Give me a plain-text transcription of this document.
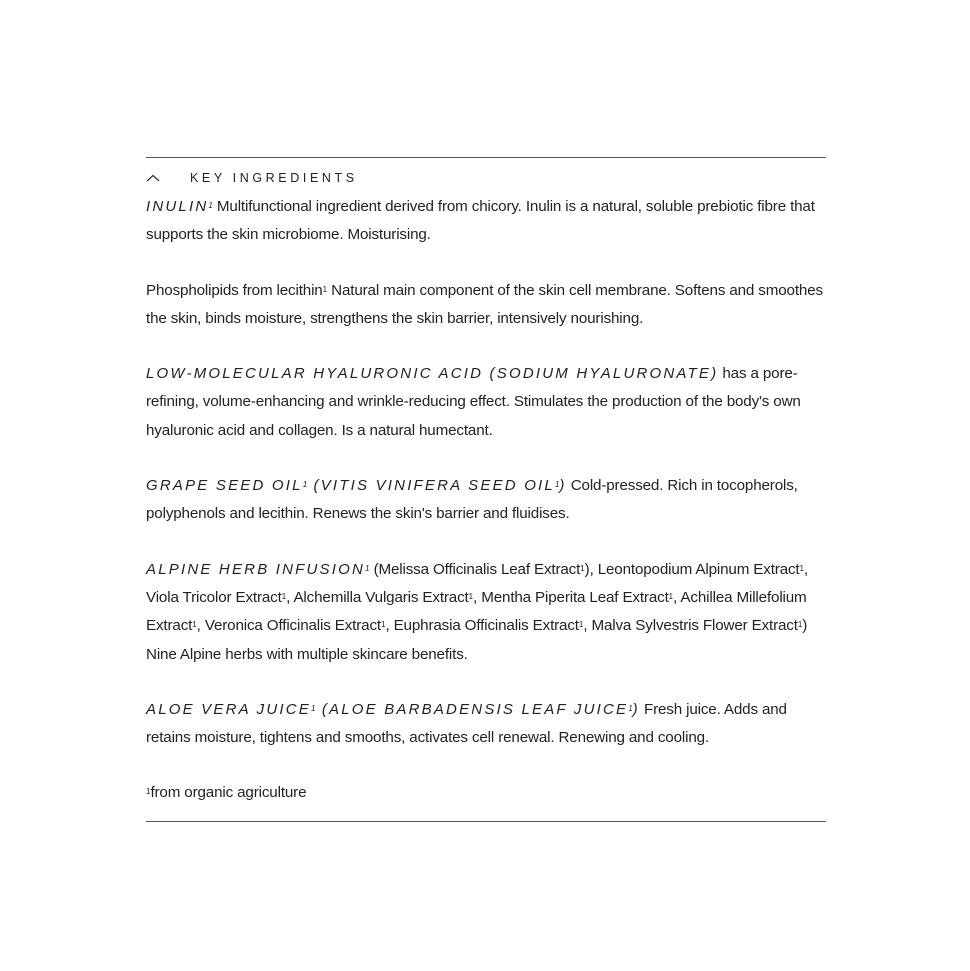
KEY INGREDIENTS

INULIN$^1$ Multifunctional ingredient derived from chicory. Inulin is a natural, soluble prebiotic fibre that supports the skin microbiome. Moisturising.

Phospholipids from lecithin$^1$ Natural main component of the skin cell membrane. Softens and smoothes the skin, binds moisture, strengthens the skin barrier, intensively nourishing.

LOW-MOLECULAR HYALURONIC ACID (SODIUM HYALURONATE) has a pore-refining, volume-enhancing and wrinkle-reducing effect. Stimulates the production of the body's own hyaluronic acid and collagen. Is a natural humectant.

GRAPE SEED OIL$^1$ (VITIS VINIFERA SEED OIL$^1$) Cold-pressed. Rich in tocopherols, polyphenols and lecithin. Renews the skin's barrier and fluidises.

ALPINE HERB INFUSION$^1$ (Melissa Officinalis Leaf Extract$^1$), Leontopodium Alpinum Extract$^1$, Viola Tricolor Extract$^1$, Alchemilla Vulgaris Extract$^1$, Mentha Piperita Leaf Extract$^1$, Achillea Millefolium Extract$^1$, Veronica Officinalis Extract$^1$, Euphrasia Officinalis Extract$^1$, Malva Sylvestris Flower Extract$^1$) Nine Alpine herbs with multiple skincare benefits.

ALOE VERA JUICE$^1$ (ALOE BARBADENSIS LEAF JUICE$^1$) Fresh juice. Adds and retains moisture, tightens and smooths, activates cell renewal. Renewing and cooling.

$^1$from organic agriculture
